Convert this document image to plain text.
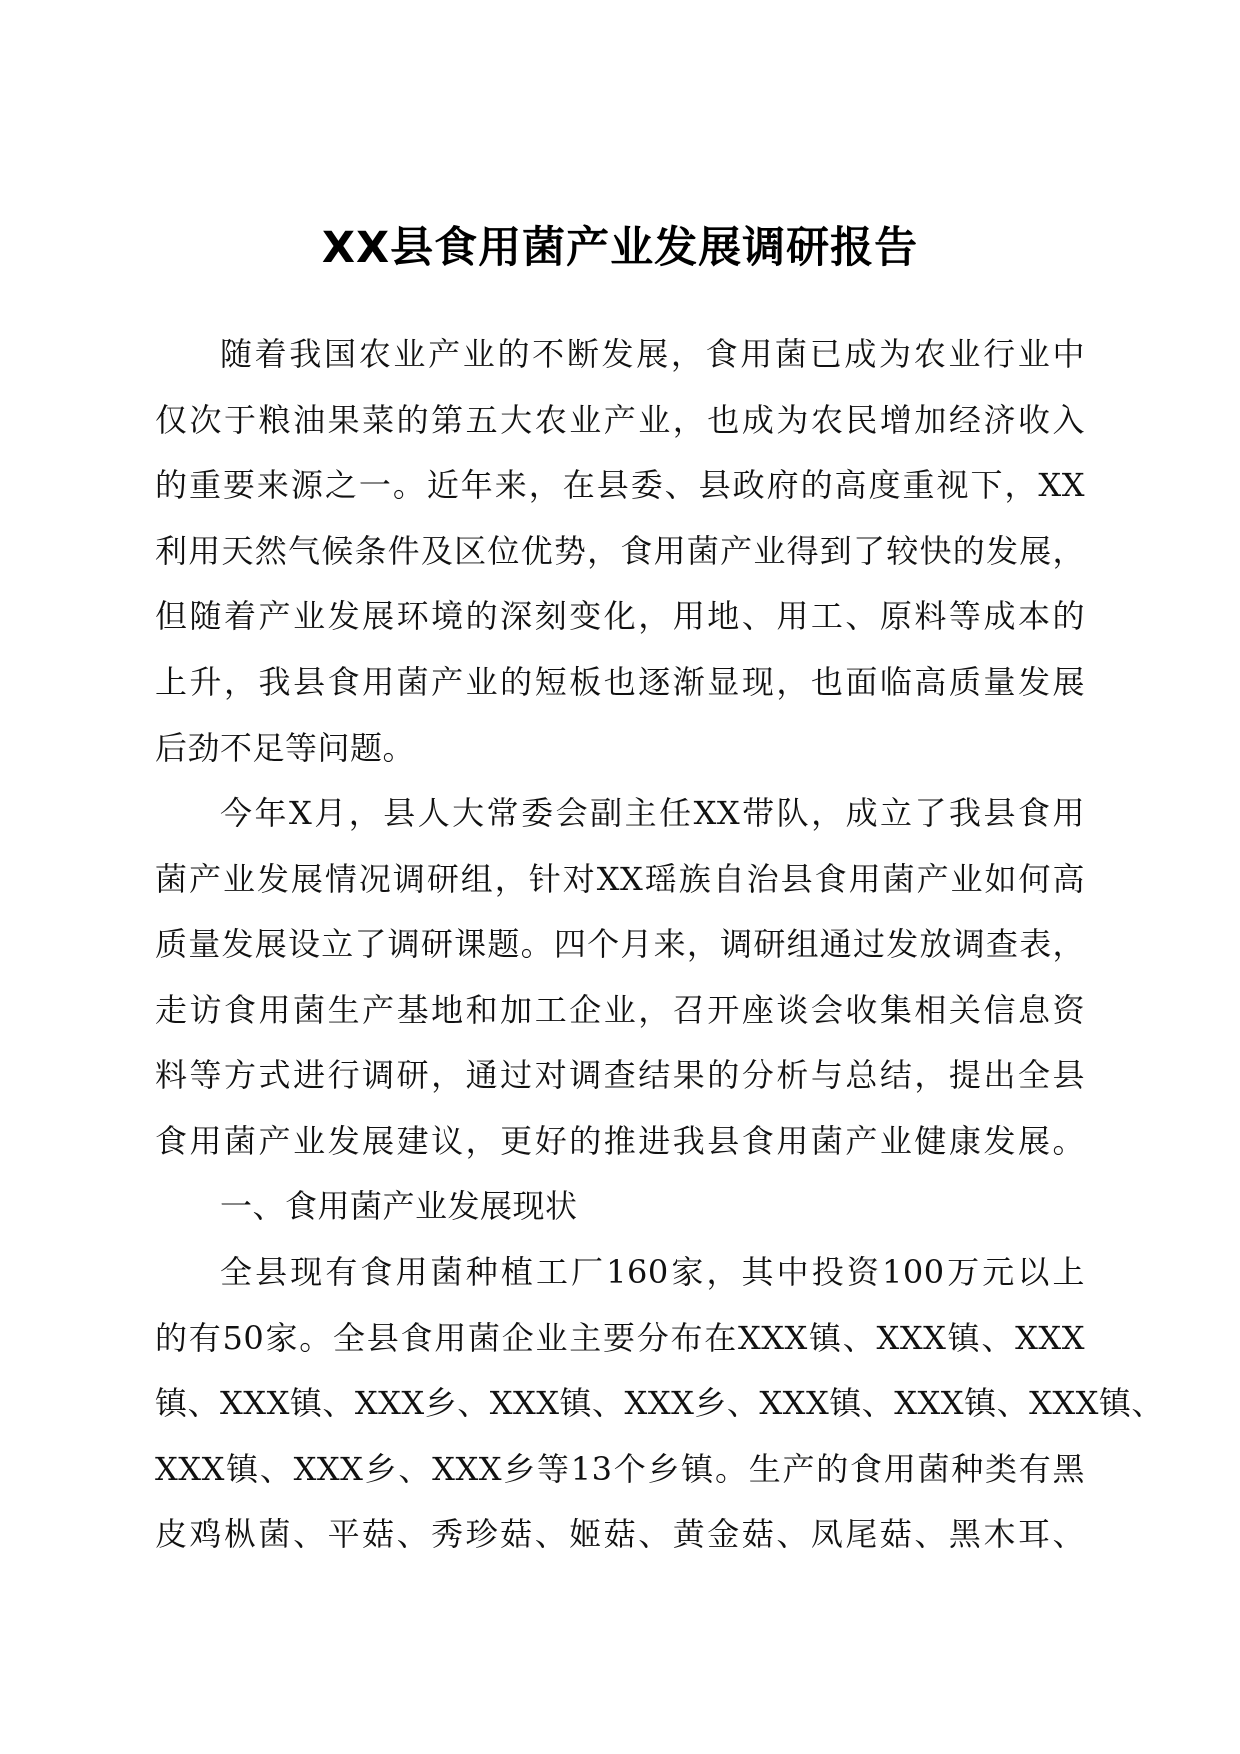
XX县食用菌产业发展调研报告
随着我国农业产业的不断发展，食用菌已成为农业行业中
仅次于粮油果菜的第五大农业产业，也成为农民增加经济收入
的重要来源之一。近年来，在县委、县政府的高度重视下，XX
利用天然气候条件及区位优势，食用菌产业得到了较快的发展，
但随着产业发展环境的深刻变化，用地、用工、原料等成本的
上升，我县食用菌产业的短板也逐渐显现，也面临高质量发展
后劲不足等问题。
今年X月，县人大常委会副主任XX带队，成立了我县食用
菌产业发展情况调研组，针对XX瑶族自治县食用菌产业如何高
质量发展设立了调研课题。四个月来，调研组通过发放调查表，
走访食用菌生产基地和加工企业，召开座谈会收集相关信息资
料等方式进行调研，通过对调查结果的分析与总结，提出全县
食用菌产业发展建议，更好的推进我县食用菌产业健康发展。
一、食用菌产业发展现状
全县现有食用菌种植工厂160家，其中投资100万元以上
的有50家。全县食用菌企业主要分布在XXX镇、XXX镇、XXX
镇、XXX镇、XXX乡、XXX镇、XXX乡、XXX镇、XXX镇、XXX镇、
XXX镇、XXX乡、XXX乡等13个乡镇。生产的食用菌种类有黑
皮鸡枞菌、平菇、秀珍菇、姬菇、黄金菇、凤尾菇、黑木耳、
